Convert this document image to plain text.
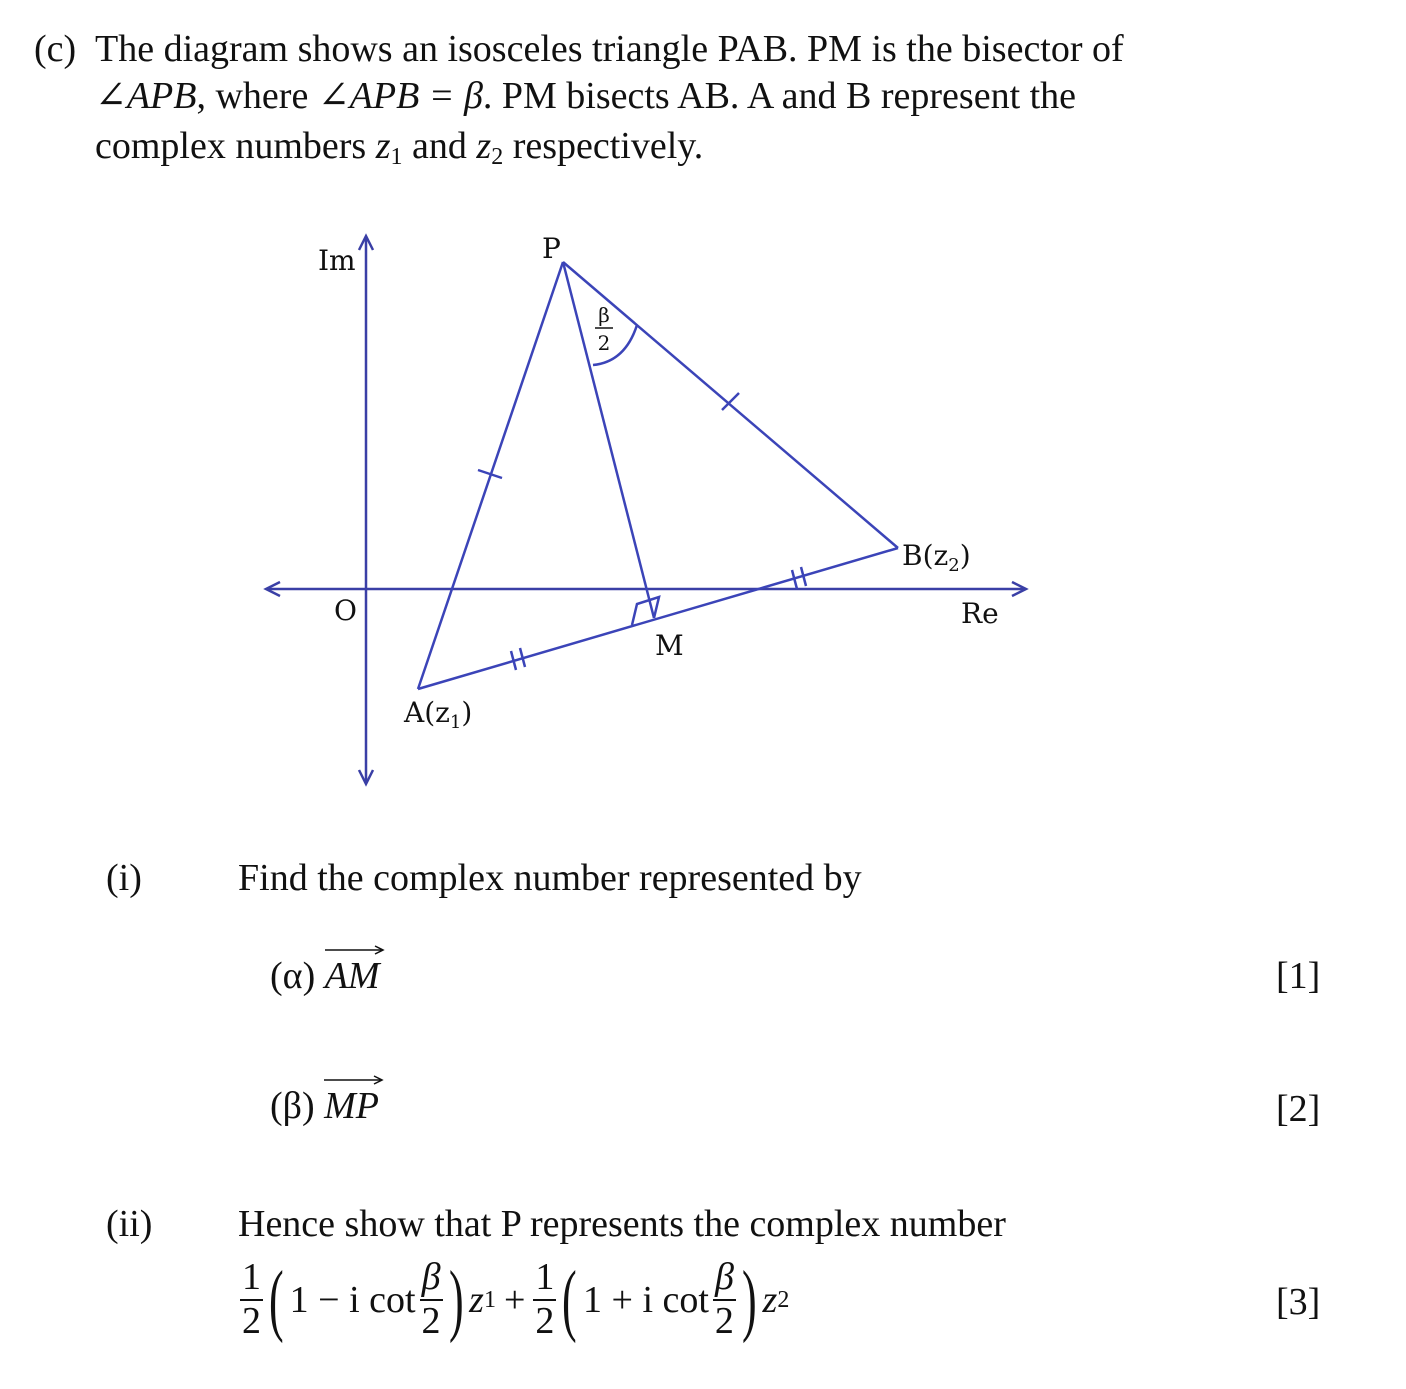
(c) The diagram shows an isosceles triangle PAB. PM is the bisector of
∠APB, where ∠APB = β. PM bisects AB. A and B represent the
complex numbers $z_1$ and $z_2$ respectively.
β
2
Im
Re
O
P
M
$A(z_1)$
$B(z_2)$
(i)	Find the complex number represented by
(α) AM	[1]
(β) MP	[2]
(ii) Hence show that P represents the complex number
$\frac{1}{2}$ ( 1 − i $\cot \frac{\beta}{2}$ ) z $1 + \frac{1}{2}$ ( 1 + i $\cot \frac{\beta}{2}$ ) z 2	[3]
